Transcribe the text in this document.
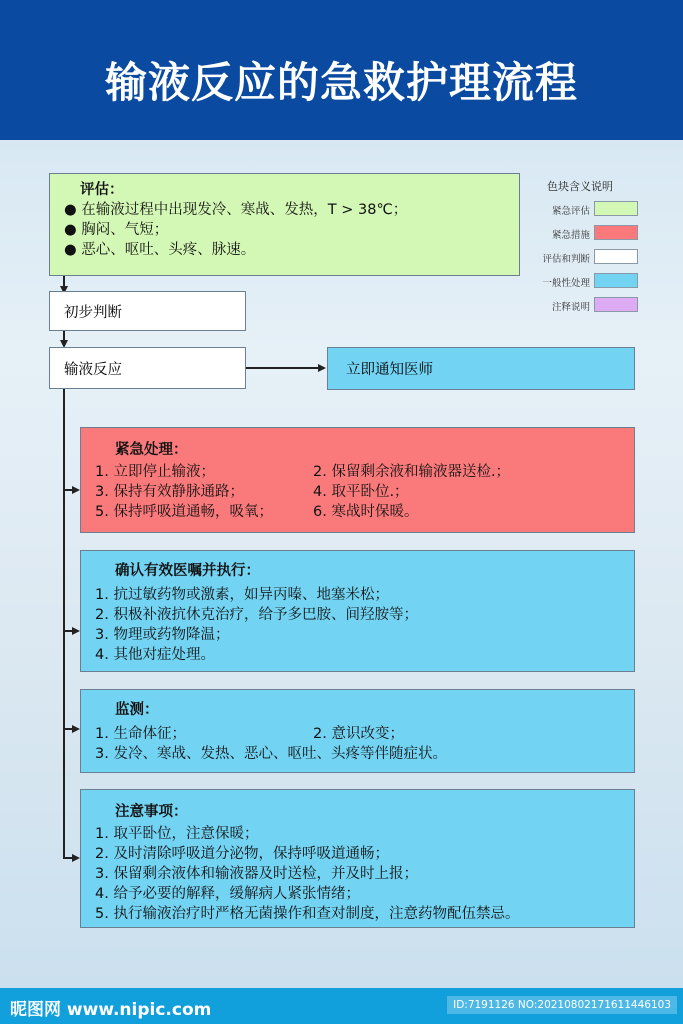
输液反应的急救护理流程
评估：
● 在输液过程中出现发冷、寒战、发热，T > 38℃；
● 胸闷、气短；
● 恶心、呕吐、头疼、脉速。
初步判断
输液反应	立即通知医师
色块含义说明
紧急评估
紧急措施
评估和判断
一般性处理
注释说明
紧急处理：
1. 立即停止输液；	2. 保留剩余液和输液器送检.；
3. 保持有效静脉通路；	4. 取平卧位.；
5. 保持呼吸道通畅，吸氧；	6. 寒战时保暖。
确认有效医嘱并执行：
1. 抗过敏药物或激素，如异丙嗪、地塞米松；
2. 积极补液抗休克治疗，给予多巴胺、间羟胺等；
3. 物理或药物降温；
4. 其他对症处理。
监测：
1. 生命体征；	2. 意识改变；
3. 发冷、寒战、发热、恶心、呕吐、头疼等伴随症状。
注意事项：
1. 取平卧位，注意保暖；
2. 及时清除呼吸道分泌物，保持呼吸道通畅；
3. 保留剩余液体和输液器及时送检，并及时上报；
4. 给予必要的解释，缓解病人紧张情绪；
5. 执行输液治疗时严格无菌操作和查对制度，注意药物配伍禁忌。
昵图网 www.nipic.com	ID:7191126 NO:20210802171611446103
